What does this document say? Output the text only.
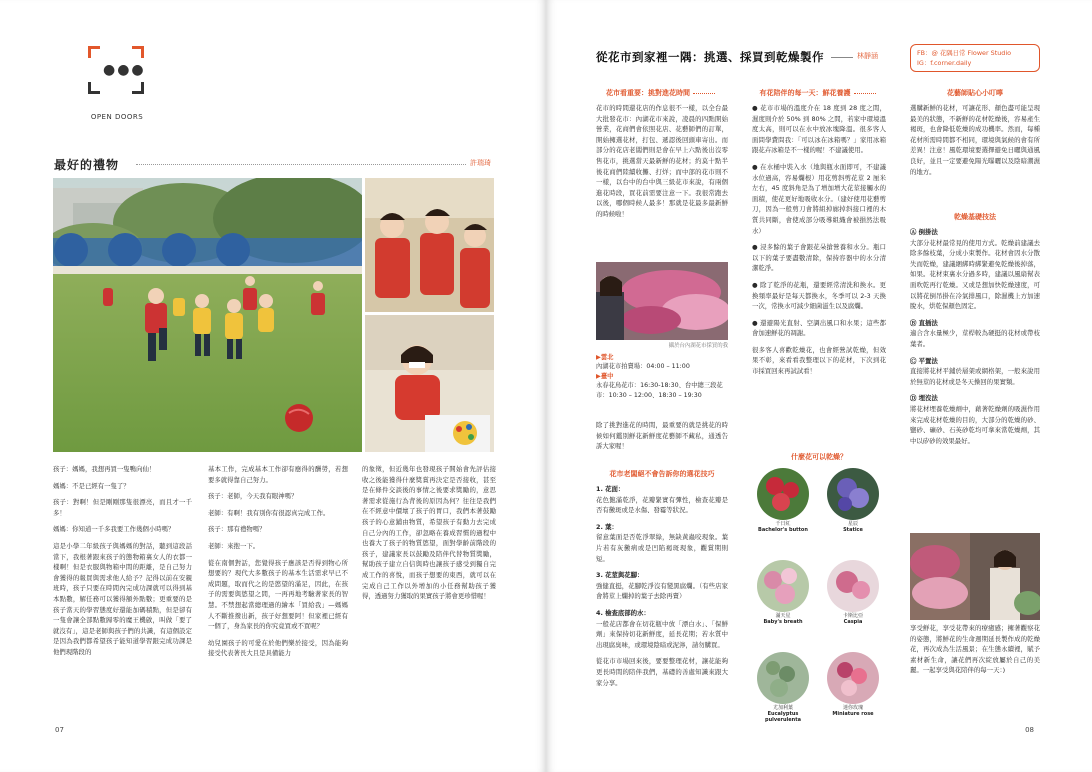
●●●
OPEN DOORS
最好的禮物	許瑞琦

孩子：媽媽，我想再買一隻鴨向仙！

媽媽：不是已經有一隻了？

孩子：對啊！但是剛剛那隻很漂亮，而且才一千多！

媽媽：你知道一千多我要工作幾個小時嗎？

這是小學二年級孩子與媽媽的對話，聽到這段話當下，我根著跟來孩子的態物箱裏女人的衣都一樣啊！但是衣服與物箱中間的距離，是自己努力會獲得的報買與需求他人給予？記得以前在安親班時，孩子只要在時間內完成功課就可以得到基本點數，解任務可以獲得額外點數；更重要的是孩子當天的學習態度好還能加碼積點，但是卻有一隻會讓全部點數歸零的魔王機啟，叫做「要了就沒有」，這是老師與孩子們的共識，有這個設定是因為我們都希望孩子能知道學習跟完成功課是他們現階段的

基本工作，完成基本工作卻有應得的酬勞，若想要多就得靠自己努力。

孩子：老師，今天我有眼神嗎？

老師：有啊！我有別你有很認真完成工作。

孩子：那有禮物嗎？

老師：來抱一下。

從在南個對話，您覺得孩子應該是否得到物心所想要的？現代大多數孩子的基本生活需求早已不成問題，取而代之的是慾望的滿足，因此，在孩子的需要與慾望之間，一再再地考驗著家長的智慧。不禁想起當總理過的繪本「買給我」—媽媽人不斷推撥出新，孩子好想要阿！但家裡已經有一個了，身為家長的你究竟買或不買呢？

幼兒園孩子的可愛在於他們樂於接受，因為能夠接受代表著長大且是具備能力

的象徵，但近幾年也發現孩子開始會先評估接收之後能獲得什麼獎賞再決定是否接收，甚至是在條件交談後的事情之後要求獎勵的，意思著需求從施行為背後的原因為何？往往是我們在不經意中價壞了孩子的胃口，我們本著鼓勵孩子的心意鋪由物質，希望孩子有動力去完成自己分內的工作，卻忽略在養成習慣的過程中也養大了孩子的物質慾望，面對學齡前階段的孩子，建議家長以鼓勵及陪伴代替物質獎勵，幫助孩子建立自信與時也讓孩子感受到獨自完成工作的喜悅，而孩子想要的東西，就可以在完成自己工作以外增加的小任務幫助孩子獲得，透過努力獲取的果實孩子將會更珍惜喔！

07
從花市到家裡一隅：挑選、採買到乾燥製作	林靜涵	FB：@ 花隅日常 Flower Studio
IG：f.corner.daily
花市看重要：挑對進花時間

花市的時間還花店的作息很不一樣，以全台最大批發花市：內湖花市來說，凌晨的四點開始營業，花商們會依照花店、花藝師們的訂單，開始擁選花材，打包、遞認後回頭車寄出。而部分的花店老闆們則是會在早上六點後出沒零售花市，挑選當天最新鮮的花材；約莫十點半後花商們陸續收攤、打烊；而中部的花市則不一樣，以台中的台中與三級花市來說，有兩個進花時段，買花前需要注意一下。我很常跑去以後，哪個時候人最多！那就是花最多最新鮮的時候啦！

攝於台內湖花市採買的我
▶雲北
內湖花市拍賣場：04:00 – 11:00
▶臺中
永春花鳥花市：16:30-18:30、台中總三段花市：10:30 – 12:00、18:30 – 19:30

除了挑對進花的時間，最重要的就是挑花的時候如何鑑別鮮花新鮮度花藝師不藏私，通透告訴大家喔！

花市老闆絕不會告訴你的選花技巧

1. 花面：
花色飽滿乾淨，花瓣緊實有彈性，檢查花瓣是否有黴斑或是水傷、發霉等狀況。

2. 葉：
留意葉面是否乾淨翠綠，無缺黃蟲咬現象。葉片若有灰黴病或是凹陷褐斑現象，觀賞期則短。

3. 花莖與花腳：
強健直挺，花腳乾淨沒有變黑腐爛。（有些店家會將莖上爛掉的葉子去除再賣）

4. 檢查底部的水：
一般花店都會在切花瓶中放「漂白水」、「保鮮劑」來保持切花新鮮度，延長花期；若水質中出現腐臭味，或環境陰暗或泥濘，請勿購買。

從花市市場回來後，要要整理花材，讓花能夠更長時間的陪伴我們，基礎的善處知識來跟大家分享。

有花陪伴的每一天：鮮花養護

● 花市市場的溫度介在 18 度到 28 度之間，濕度則介於 50% 到 80% 之間，若家中環境溫度太高，則可以在水中放冰塊降溫。很多客人面問學費問我：「可以冰在冰箱嗎？」家用冰箱跟花卉冰箱是不一樣的喔！不建議使用。

● 在水桶中裝入水（地與瓶水面即可，不建議水位過高，容易爛根）用花剪斜剪花莖 2 厘米左右，45 度斜角是為了增加增大花莖接觸水的面積，使花更好地吸收水分。（建好使用花藝剪刀，因為一般剪刀會將組掉廊掉斜接口裡的木質共同斷，會使成部分吸導組織會被損然法吸水）

● 浸多餘的葉子會跟花朵搶營養和水分。瓶口以下的葉子要盡數清除，保持容器中的水分清潔乾淨。

● 除了乾淨的花瓶，還要經常清洗和換水。更換頻率最好是每天都換水，冬季可以 2-3 天換一次，常換水可減少細菌滋生以及腐爛。

● 還避陽光直射、空調出風口和水果；這些都會加速鮮花的凋謝。

很多客人喜歡乾燥花，也會經營試乾燥，但效果不彰，來看看我整理以下的花材，下次到花市採買回來再試試看！

什麼花可以乾燥？
千日紅
Bachelor's button
星辰
Statice
滿天星
Baby's breath
卡斯比亞
Caspia
尤加利葉
Eucalyptus pulverulenta
迷你玫瑰
Miniature rose
花藝師貼心小叮嚀

選購新鮮的花材，可讓花形、顏色盡可能呈現最美的狀態，不新鮮的花材乾燥後，容易產生褐斑，也會降低乾燥的成功機率。然而，每種花材所需時間都不相同，環境與氣候的會有所差異！注意！風乾環境要選擇避免日曬與通風良好，並且一定要避免陽光曝曬以及陰暗潮濕的地方。

乾燥基礎技法

Ⓐ 倒掛法
大部分花材最常見的使用方式。乾燥前建議去除多餘枝葉，分成小束製作。花材會因水分散失而乾燥，建議綑綁時綁緊避免乾燥後掉落，如果。花材束裏水分過多時，建議以風扇幫表面吹乾再行乾燥。又或是想加快乾燥速度，可以將花倒吊掛在冷氣排風口，除濕機上方加速脫水，烘乾保顏色固定。

Ⓑ 直插法
適合含水量極少，莖桿較為硬挺的花材或帶枝葉者。

Ⓒ 平置法
直接將花材平鋪於層架或網格架，一般來說用於無莖的花材或是冬天操回的果實類。

Ⓓ 埋沒法
將花材埋養乾燥劑中，藉著乾燥劑的吸濕作用來完成花材乾燥的目的，大部分的乾燥的砂、鹽砂、礦砂、石英砂乾均可拿來當乾燥劑，其中以矽砂的效果最好。

享受鮮花，享受花帶來的療癒感；擁著觀察花的姿態，將鮮花的生命週期延長製作成的乾燥花，再次成為生活風景；在生態永續裡，賦予素材新生命，讓花們再次綻放屬於自己的美麗。一起享受與花陪伴的每一天：)

08
